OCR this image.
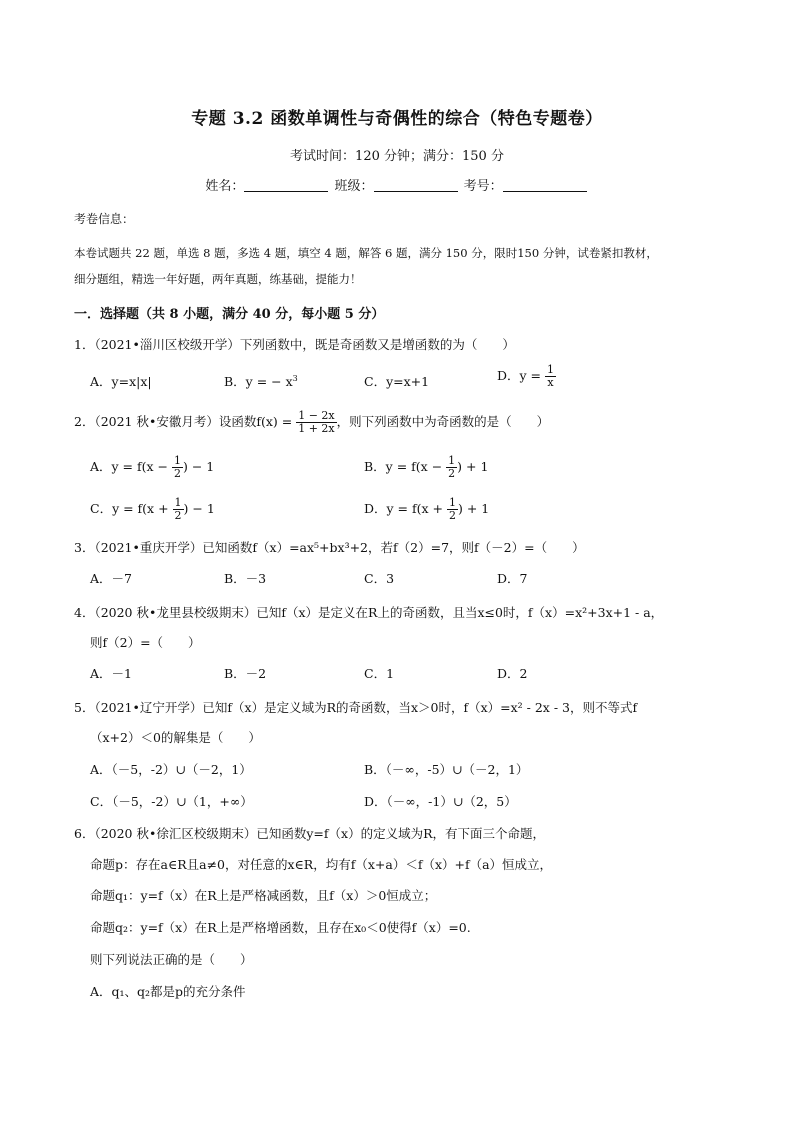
专题 3.2 函数单调性与奇偶性的综合（特色专题卷）
考试时间：120 分钟；满分：150 分
姓名：	班级：	考号：
考卷信息：
本卷试题共 22 题，单选 8 题，多选 4 题，填空 4 题，解答 6 题，满分 150 分，限时150 分钟，试卷紧扣教材，
细分题组，精选一年好题，两年真题，练基础，提能力！
一．选择题（共 8 小题，满分 40 分，每小题 5 分）
1．（2021•淄川区校级开学）下列函数中，既是奇函数又是增函数的为（　　）
A．y=x|x|	B．y = − $x^3$	C．y=x+1	D．$y = \frac{1}{x}$
2．（2021 秋•安徽月考）设函数$f(x) = \frac{1 - 2x}{1 + 2x}$ ，则下列函数中为奇函数的是（　　）
A．$y = f(x - \frac{1}{2}$ ) − 1	B．$y = f(x - \frac{1}{2}$ ) + 1
C．$y = f(x + \frac{1}{2}$ ) − 1	D．$y = f(x + \frac{1}{2}$ ) + 1
3．（2021•重庆开学）已知函数f（x）=ax⁵+bx³+2，若f（2）=7，则f（－2）=（　　）
A．－7	B．－3	C．3	D．7
4．（2020 秋•龙里县校级期末）已知f（x）是定义在R上的奇函数，且当x≤0时，f（x）=x²+3x+1 - a，
则f（2）=（　　）
A．－1	B．－2	C．1	D．2
5．（2021•辽宁开学）已知f（x）是定义域为R的奇函数，当x＞0时，f（x）=x² - 2x - 3，则不等式f
（x+2）＜0的解集是（　　）
A．（－5，-2）∪（－2，1）	B．（－∞，-5）∪（－2，1）
C．（－5，-2）∪（1，+∞）	D．（－∞，-1）∪（2，5）
6．（2020 秋•徐汇区校级期末）已知函数y=f（x）的定义域为R，有下面三个命题，
命题p：存在a∈R且a≠0，对任意的x∈R，均有f（x+a）＜f（x）+f（a）恒成立，
命题q₁：y=f（x）在R上是严格减函数，且f（x）＞0恒成立；
命题q₂：y=f（x）在R上是严格增函数，且存在x₀＜0使得f（x）=0.
则下列说法正确的是（　　）
A．q₁、q₂都是p的充分条件
